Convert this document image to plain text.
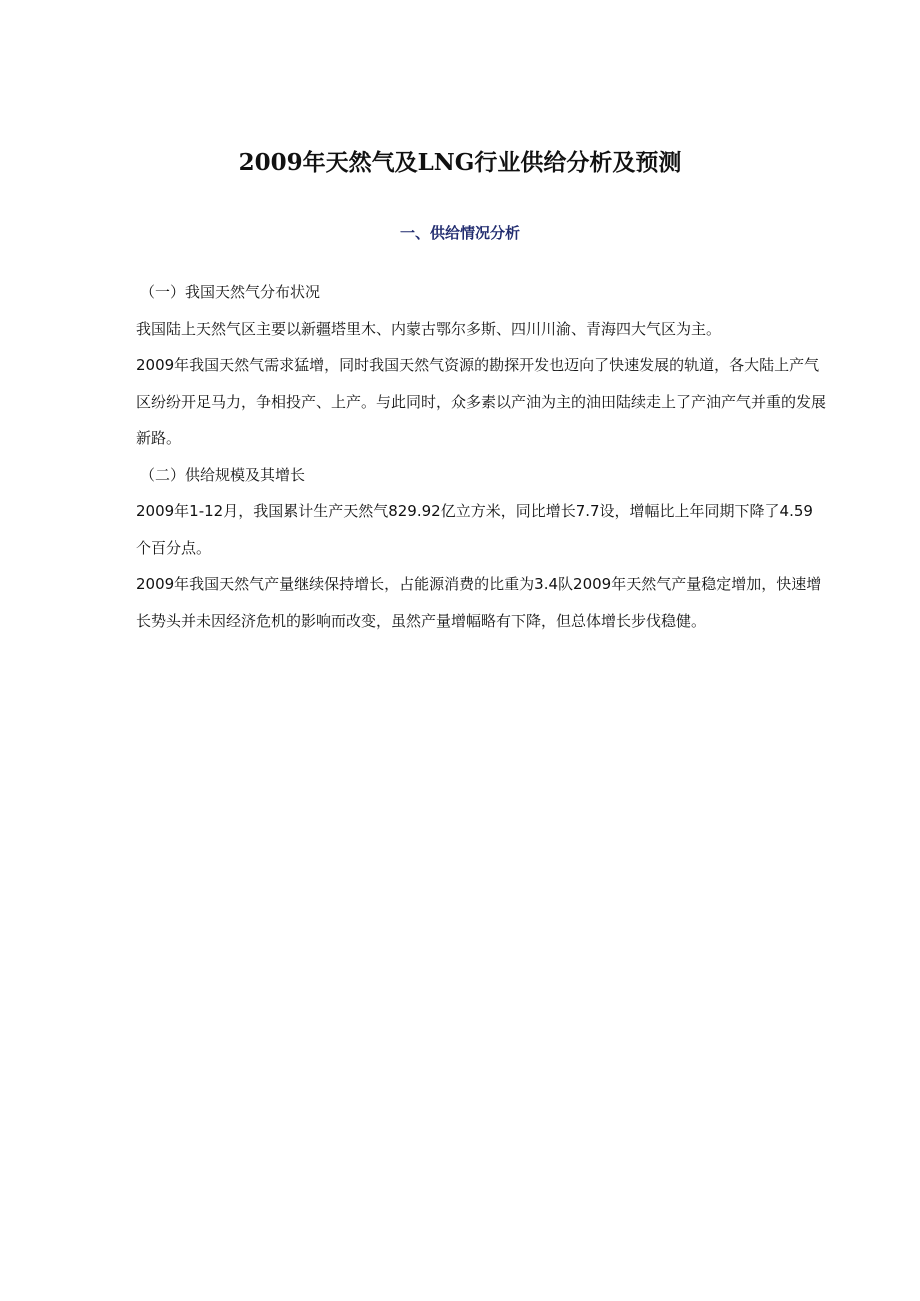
2009年天然气及LNG行业供给分析及预测
一、供给情况分析

（一）我国天然气分布状况

我国陆上天然气区主要以新疆塔里木、内蒙古鄂尔多斯、四川川渝、青海四大气区为主。

2009年我国天然气需求猛增，同时我国天然气资源的勘探开发也迈向了快速发展的轨道，各大陆上产气区纷纷开足马力，争相投产、上产。与此同时，众多素以产油为主的油田陆续走上了产油产气并重的发展新路。

（二）供给规模及其增长

2009年1-12月，我国累计生产天然气829.92亿立方米，同比增长7.7设，增幅比上年同期下降了4.59个百分点。

2009年我国天然气产量继续保持增长，占能源消费的比重为3.4队2009年天然气产量稳定增加，快速增长势头并未因经济危机的影响而改变，虽然产量增幅略有下降，但总体增长步伐稳健。
